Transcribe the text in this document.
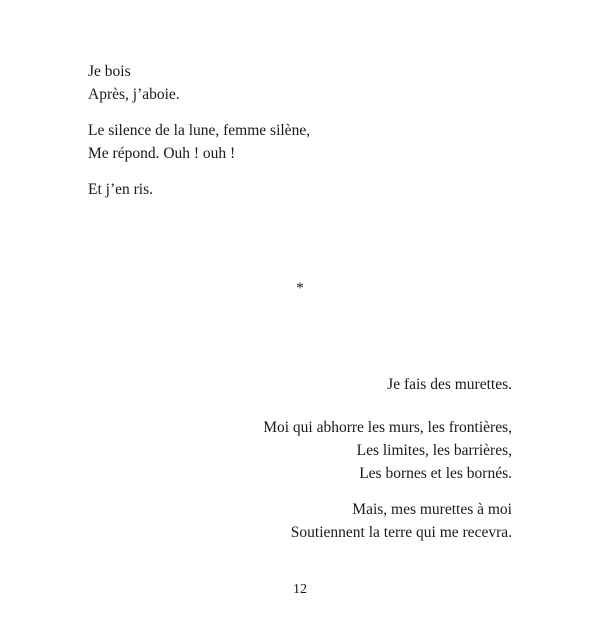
Je bois
Après, j’aboie.
Le silence de la lune, femme silène,
Me répond. Ouh ! ouh !
Et j’en ris.
*
Je fais des murettes.
Moi qui abhorre les murs, les frontières,
Les limites, les barrières,
Les bornes et les bornés.
Mais, mes murettes à moi
Soutiennent la terre qui me recevra.
12
